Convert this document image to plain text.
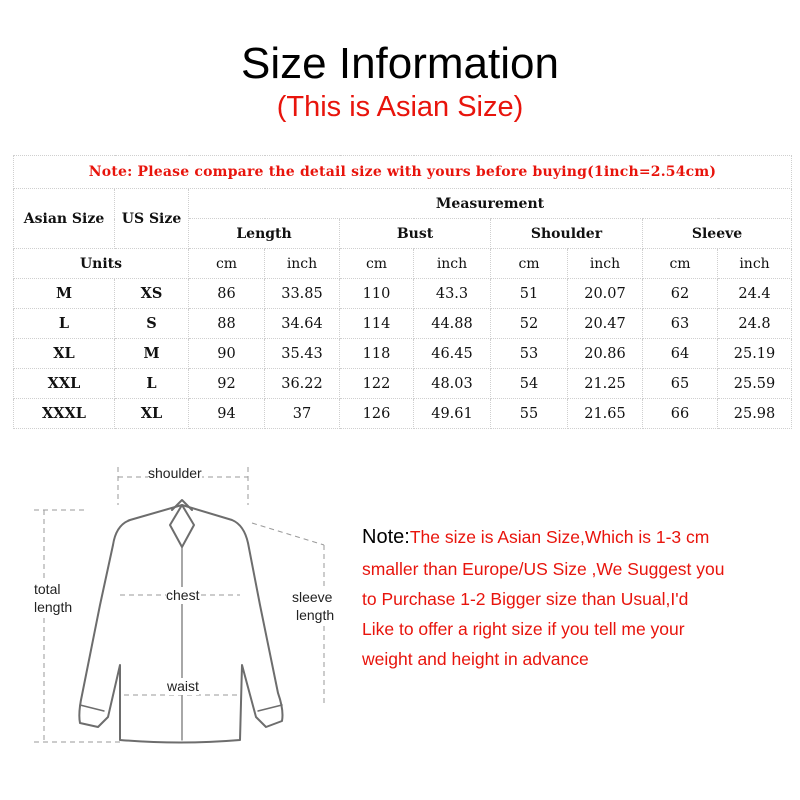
Size Information
(This is Asian Size)
Note: Please compare the detail size with yours before buying(1inch=2.54cm)									
Asian Size	US Size	Measurement							
		Length		Bust		Shoulder		Sleeve	
Units		cm	inch	cm	inch	cm	inch	cm	inch
M	XS	86	33.85	110	43.3	51	20.07	62	24.4
L	S	88	34.64	114	44.88	52	20.47	63	24.8
XL	M	90	35.43	118	46.45	53	20.86	64	25.19
XXL	L	92	36.22	122	48.03	54	21.25	65	25.59
XXXL	XL	94	37	126	49.61	55	21.65	66	25.98
shoulder
total
length
chest
waist
sleeve
length
Note:The size is Asian Size,Which is 1-3 cm
smaller than Europe/US Size ,We Suggest you
to Purchase 1-2 Bigger size than Usual,I'd
Like to offer a right size if you tell me your
weight and height in advance
